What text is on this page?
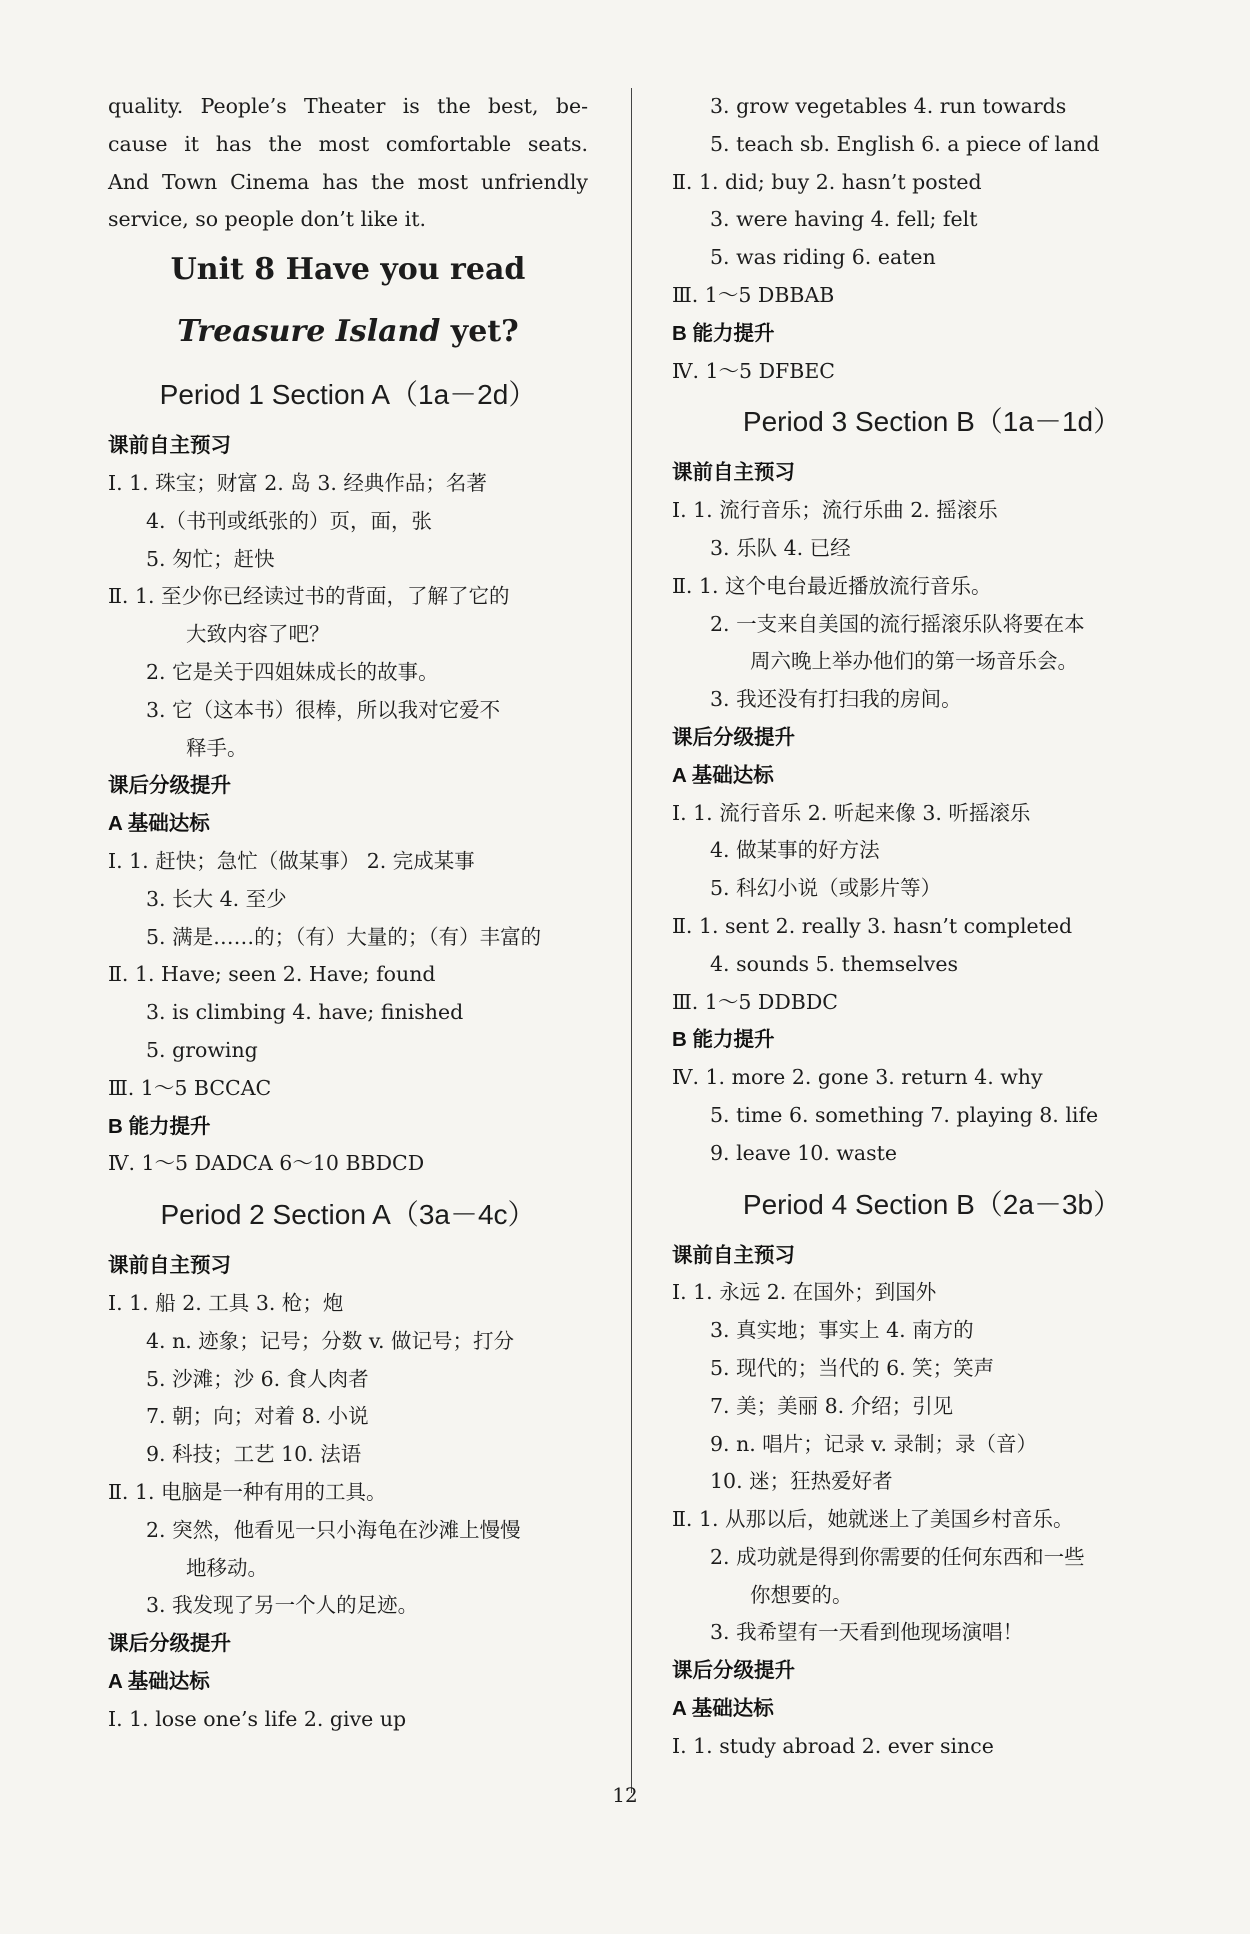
quality. People’s Theater is the best, be-
cause it has the most comfortable seats.
And Town Cinema has the most unfriendly
service, so people don’t like it.
Unit 8 Have you read
Treasure Island yet?
Period 1 Section A（1a－2d）
课前自主预习
Ⅰ. 1. 珠宝；财富 2. 岛 3. 经典作品；名著
4.（书刊或纸张的）页，面，张
5. 匆忙；赶快
Ⅱ. 1. 至少你已经读过书的背面，了解了它的
大致内容了吧？
2. 它是关于四姐妹成长的故事。
3. 它（这本书）很棒，所以我对它爱不
释手。
课后分级提升
A 基础达标
Ⅰ. 1. 赶快；急忙（做某事） 2. 完成某事
3. 长大 4. 至少
5. 满是……的；（有）大量的；（有）丰富的
Ⅱ. 1. Have; seen 2. Have; found
3. is climbing 4. have; finished
5. growing
Ⅲ. 1～5 BCCAC
B 能力提升
Ⅳ. 1～5 DADCA 6～10 BBDCD
Period 2 Section A（3a－4c）
课前自主预习
Ⅰ. 1. 船 2. 工具 3. 枪；炮
4. n. 迹象；记号；分数 v. 做记号；打分
5. 沙滩；沙 6. 食人肉者
7. 朝；向；对着 8. 小说
9. 科技；工艺 10. 法语
Ⅱ. 1. 电脑是一种有用的工具。
2. 突然，他看见一只小海龟在沙滩上慢慢
地移动。
3. 我发现了另一个人的足迹。
课后分级提升
A 基础达标
Ⅰ. 1. lose one’s life 2. give up
3. grow vegetables 4. run towards
5. teach sb. English 6. a piece of land
Ⅱ. 1. did; buy 2. hasn’t posted
3. were having 4. fell; felt
5. was riding 6. eaten
Ⅲ. 1～5 DBBAB
B 能力提升
Ⅳ. 1～5 DFBEC
Period 3 Section B（1a－1d）
课前自主预习
Ⅰ. 1. 流行音乐；流行乐曲 2. 摇滚乐
3. 乐队 4. 已经
Ⅱ. 1. 这个电台最近播放流行音乐。
2. 一支来自美国的流行摇滚乐队将要在本
周六晚上举办他们的第一场音乐会。
3. 我还没有打扫我的房间。
课后分级提升
A 基础达标
Ⅰ. 1. 流行音乐 2. 听起来像 3. 听摇滚乐
4. 做某事的好方法
5. 科幻小说（或影片等）
Ⅱ. 1. sent 2. really 3. hasn’t completed
4. sounds 5. themselves
Ⅲ. 1～5 DDBDC
B 能力提升
Ⅳ. 1. more 2. gone 3. return 4. why
5. time 6. something 7. playing 8. life
9. leave 10. waste
Period 4 Section B（2a－3b）
课前自主预习
Ⅰ. 1. 永远 2. 在国外；到国外
3. 真实地；事实上 4. 南方的
5. 现代的；当代的 6. 笑；笑声
7. 美；美丽 8. 介绍；引见
9. n. 唱片；记录 v. 录制；录（音）
10. 迷；狂热爱好者
Ⅱ. 1. 从那以后，她就迷上了美国乡村音乐。
2. 成功就是得到你需要的任何东西和一些
你想要的。
3. 我希望有一天看到他现场演唱！
课后分级提升
A 基础达标
Ⅰ. 1. study abroad 2. ever since
12
